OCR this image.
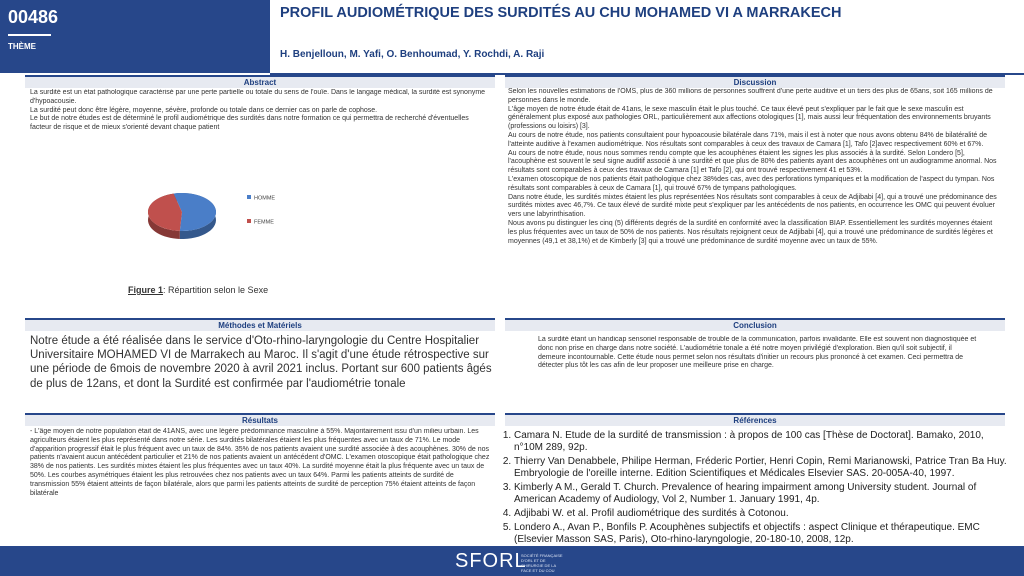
00486
THÈME
PROFIL AUDIOMÉTRIQUE DES SURDITÉS AU CHU MOHAMED VI A MARRAKECH
H. Benjelloun, M. Yafi, O. Benhoumad, Y. Rochdi, A. Raji
Abstract

La surdité est un état pathologique caractérisé par une perte partielle ou totale du sens de l'ouïe. Dans le langage médical, la surdité est synonyme d'hypoacousie.

La surdité peut donc être légère, moyenne, sévère, profonde ou totale dans ce dernier cas on parle de cophose.

Le but de notre études est de déterminé le profil audiométrique des surdités dans notre formation ce qui permettra de recherché d'éventuelles facteur de risque et de mieux s'orienté devant chaque patient

HOMME
FEMME
Figure 1: Répartition selon le Sexe
Discussion

Selon les nouvelles estimations de l'OMS, plus de 360 millions de personnes souffrent d'une perte auditive et un tiers des plus de 65ans, soit 165 millions de personnes dans le monde.

L'âge moyen de notre étude était de 41ans, le sexe masculin était le plus touché. Ce taux élevé peut s'expliquer par le fait que le sexe masculin est généralement plus exposé aux pathologies ORL, particulièrement aux affections otologiques [1], mais aussi leur fréquentation des environnements bruyants (professions ou loisirs) [3].

Au cours de notre étude, nos patients consultaient pour hypoacousie bilatérale dans 71%, mais il est à noter que nous avons obtenu 84% de bilatéralité de l'atteinte auditive à l'examen audiométrique. Nos résultats sont comparables à ceux des travaux de Camara [1], Tafo [2]avec respectivement 60% et 67%.

Au cours de notre étude, nous nous sommes rendu compte que les acouphènes étaient les signes les plus associés à la surdité. Selon Londero [5], l'acouphène est souvent le seul signe auditif associé à une surdité et que plus de 80% des patients ayant des acouphènes ont un audiogramme anormal. Nos résultats sont comparables à ceux des travaux de Camara [1] et Tafo [2], qui ont trouvé respectivement 41 et 53%.

L'examen otoscopique de nos patients était pathologique chez 38%des cas, avec des perforations tympaniques et la modification de l'aspect du tympan. Nos résultats sont comparables à ceux de Camara [1], qui trouvé 67% de tympans pathologiques.

Dans notre étude, les surdités mixtes étaient les plus représentées Nos résultats sont comparables à ceux de Adjibabi [4], qui a trouvé une prédominance des surdités mixtes avec 46,7%. Ce taux élevé de surdité mixte peut s'expliquer par les antécédents de nos patients, en occurrence les OMC qui peuvent évoluer vers une labyrinthisation.

Nous avons pu distinguer les cinq (5) différents degrés de la surdité en conformité avec la classification BIAP. Essentiellement les surdités moyennes étaient les plus fréquentes avec un taux de 50% de nos patients. Nos résultats rejoignent ceux de Adjibabi [4], qui a trouvé une prédominance de surdités légères et moyennes (49,1 et 38,1%) et de Kimberly [3] qui a trouvé une prédominance de surdité moyenne avec un taux de 55%.

Méthodes et Matériels
Notre étude a été réalisée dans le service d'Oto-rhino-laryngologie du Centre Hospitalier Universitaire MOHAMED VI de Marrakech au Maroc. Il s'agit d'une étude rétrospective sur une période de 6mois de novembre 2020 à avril 2021 inclus. Portant sur 600 patients âgés de plus de 12ans, et dont la Surdité est confirmée par l'audiométrie tonale
Conclusion
La surdité étant un handicap sensoriel responsable de trouble de la communication, parfois invalidante. Elle est souvent non diagnostiquée et donc non prise en charge dans notre société. L'audiométrie tonale a été notre moyen privilégié d'exploration. Bien qu'il soit subjectif, il demeure incontournable. Cette étude nous permet selon nos résultats d'initier un recours plus prononcé à cet examen. Ceci permettra de détecter plus tôt les cas afin de leur proposer une meilleure prise en charge.
Résultats
- L'âge moyen de notre population était de 41ANS, avec une légère prédominance masculine à 55%. Majoritairement issu d'un milieu urbain. Les agriculteurs étaient les plus représenté dans notre série. Les surdités bilatérales étaient les plus fréquentes avec un taux de 71%. Le mode d'apparition progressif était le plus fréquent avec un taux de 84%. 35% de nos patients avaient une surdité associée à des acouphènes. 30% de nos patients n'avaient aucun antécédent particulier et 21% de nos patients avaient un antécédent d'OMC. L'examen otoscopique était pathologique chez 38% de nos patients. Les surdités mixtes étaient les plus fréquentes avec un taux 40%. La surdité moyenne était la plus fréquente avec un taux de 50%. Les courbes asymétriques étaient les plus retrouvées chez nos patients avec un taux 64%. Parmi les patients atteints de surdité de transmission 55% étaient atteints de façon bilatérale, alors que parmi les patients atteints de surdité de perception 75% étaient atteints de façon bilatérale
Références
1. Camara N. Etude de la surdité de transmission : à propos de 100 cas [Thèse de Doctorat]. Bamako, 2010, n°10M 289, 92p.
2. Thierry Van Denabbele, Philipe Herman, Fréderic Portier, Henri Copin, Remi Marianowski, Patrice Tran Ba Huy. Embryologie de l'oreille interne. Edition Scientifiques et Médicales Elsevier SAS. 20-005A-40, 1997.
3. Kimberly A M., Gerald T. Church. Prevalence of hearing impairment among University student. Journal of American Academy of Audiology, Vol 2, Number 1. January 1991, 4p.
4. Adjibabi W. et al. Profil audiométrique des surdités à Cotonou.
5. Londero A., Avan P., Bonfils P. Acouphènes subjectifs et objectifs : aspect Clinique et thérapeutique. EMC (Elsevier Masson SAS, Paris), Oto-rhino-laryngologie, 20-180-10, 2008, 12p.
SFORL
SOCIÉTÉ FRANÇAISE D'ORL ET DE CHIRURGIE DE LA FACE ET DU COU
